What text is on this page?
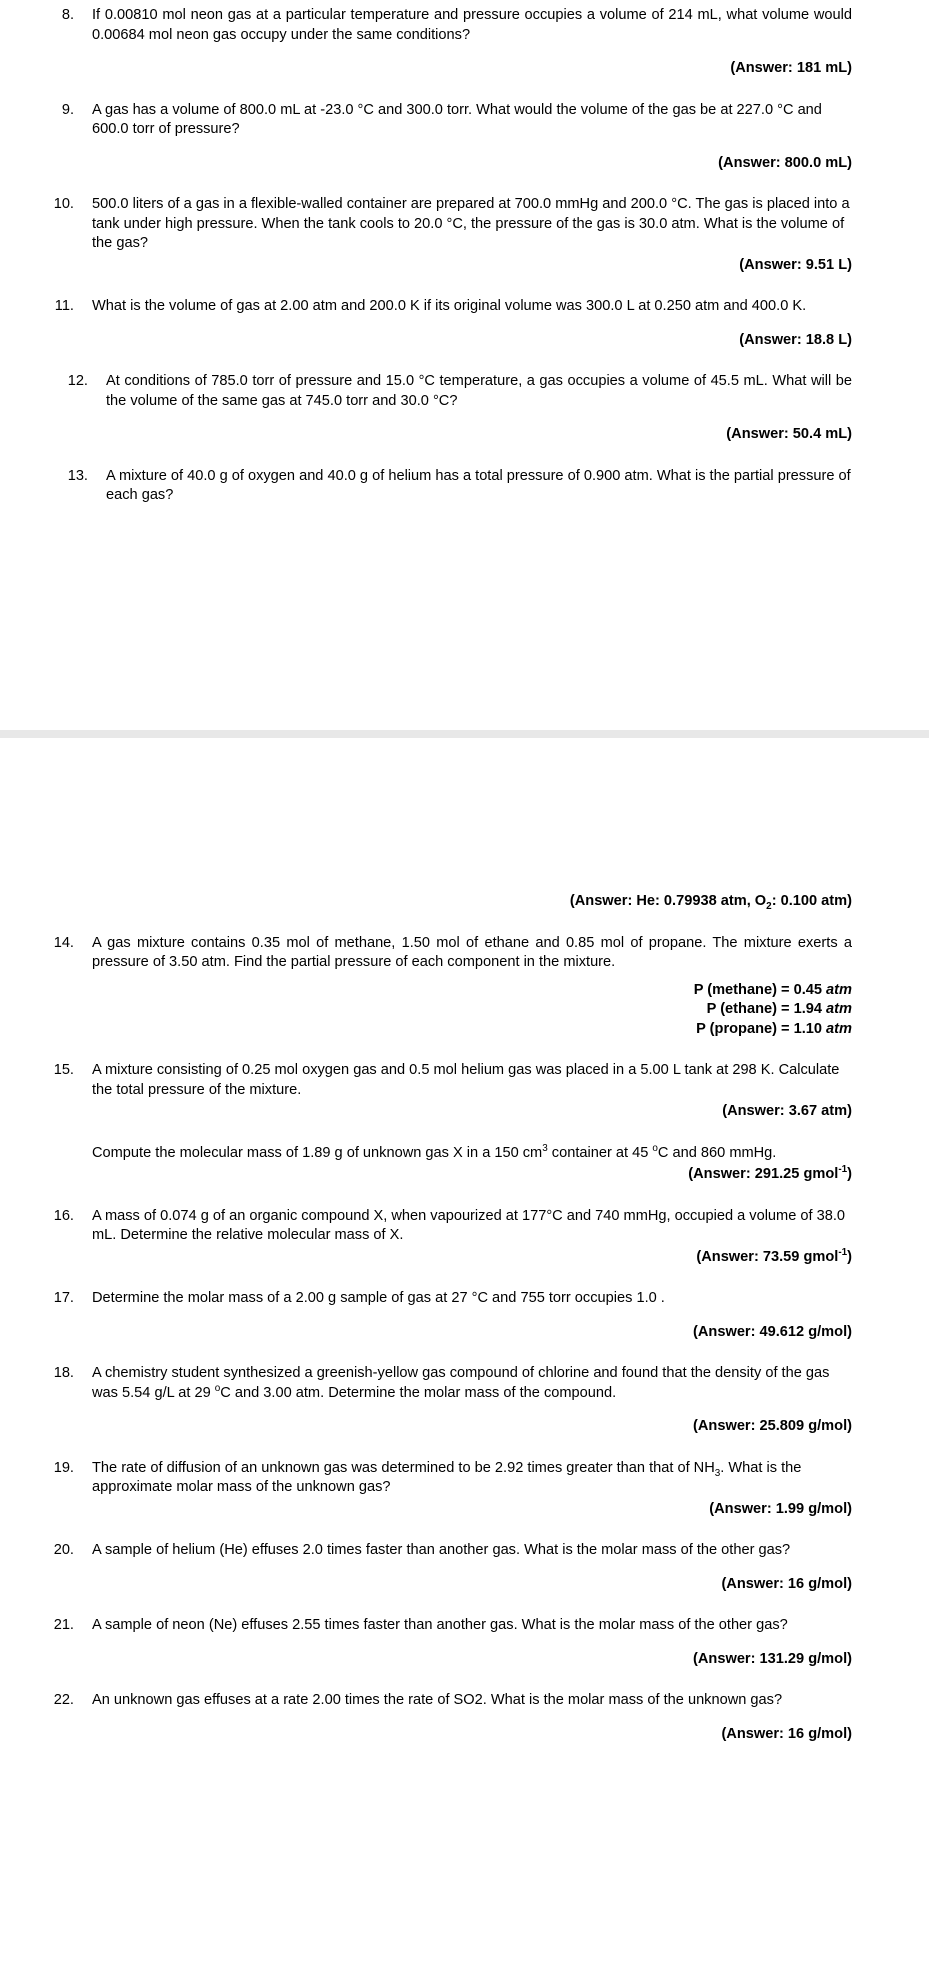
8.	If 0.00810 mol neon gas at a particular temperature and pressure occupies a volume of 214 mL, what volume would 0.00684 mol neon gas occupy under the same conditions?
(Answer: 181 mL)
9.	A gas has a volume of 800.0 mL at -23.0 °C and 300.0 torr. What would the volume of the gas be at 227.0 °C and 600.0 torr of pressure?
(Answer: 800.0 mL)
10.	500.0 liters of a gas in a flexible-walled container are prepared at 700.0 mmHg and 200.0 °C. The gas is placed into a tank under high pressure. When the tank cools to 20.0 °C, the pressure of the gas is 30.0 atm. What is the volume of the gas?
(Answer: 9.51 L)
11.	What is the volume of gas at 2.00 atm and 200.0 K if its original volume was 300.0 L at 0.250 atm and 400.0 K.
(Answer: 18.8 L)
12.	At conditions of 785.0 torr of pressure and 15.0 °C temperature, a gas occupies a volume of 45.5 mL. What will be the volume of the same gas at 745.0 torr and 30.0 °C?
(Answer: 50.4 mL)
13.	A mixture of 40.0 g of oxygen and 40.0 g of helium has a total pressure of 0.900 atm. What is the partial pressure of each gas?
(Answer: He: 0.79938 atm, $O_2$: 0.100 atm)
14.	A gas mixture contains 0.35 mol of methane, 1.50 mol of ethane and 0.85 mol of propane. The mixture exerts a pressure of 3.50 atm. Find the partial pressure of each component in the mixture.
P (methane) = 0.45 atm
P (ethane) = 1.94 atm
P (propane) = 1.10 atm
15.	A mixture consisting of 0.25 mol oxygen gas and 0.5 mol helium gas was placed in a 5.00 L tank at 298 K. Calculate the total pressure of the mixture.
(Answer: 3.67 atm)
Compute the molecular mass of 1.89 g of unknown gas X in a 150 $cm^3$ container at 45 $^o$C and 860 mmHg.
(Answer: 291.25 gmol$^{-1}$)
16.	A mass of 0.074 g of an organic compound X, when vapourized at 177°C and 740 mmHg, occupied a volume of 38.0 mL. Determine the relative molecular mass of X.
(Answer: 73.59 gmol$^{-1}$)
17.	Determine the molar mass of a 2.00 g sample of gas at 27 °C and 755 torr occupies 1.0 .
(Answer: 49.612 g/mol)
18.	A chemistry student synthesized a greenish-yellow gas compound of chlorine and found that the density of the gas was 5.54 g/L at 29 $^o$C and 3.00 atm. Determine the molar mass of the compound.
(Answer: 25.809 g/mol)
19.	The rate of diffusion of an unknown gas was determined to be 2.92 times greater than that of $NH_3$. What is the approximate molar mass of the unknown gas?
(Answer: 1.99 g/mol)
20.	A sample of helium (He) effuses 2.0 times faster than another gas. What is the molar mass of the other gas?
(Answer: 16 g/mol)
21.	A sample of neon (Ne) effuses 2.55 times faster than another gas. What is the molar mass of the other gas?
(Answer: 131.29 g/mol)
22.	An unknown gas effuses at a rate 2.00 times the rate of SO2. What is the molar mass of the unknown gas?
(Answer: 16 g/mol)
